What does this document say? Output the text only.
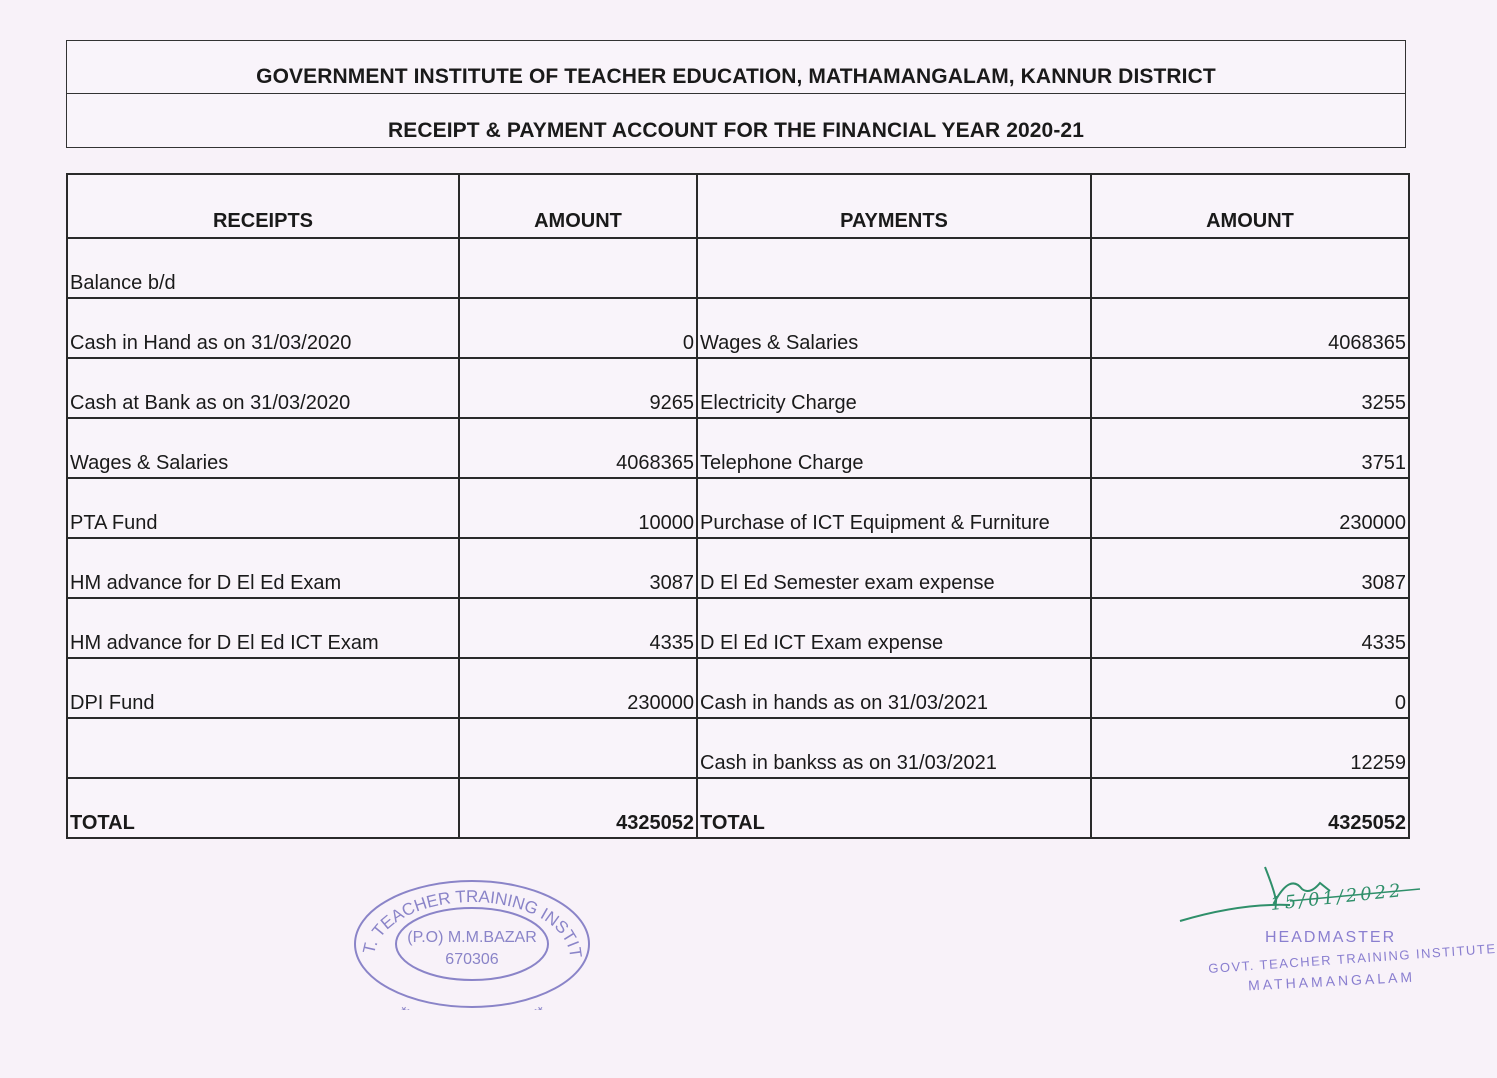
GOVERNMENT INSTITUTE OF TEACHER EDUCATION, MATHAMANGALAM, KANNUR DISTRICT
RECEIPT & PAYMENT ACCOUNT FOR THE FINANCIAL YEAR 2020-21
RECEIPTS	AMOUNT	PAYMENTS	AMOUNT
Balance b/d			
Cash in Hand as on 31/03/2020	0	Wages & Salaries	4068365
Cash at Bank as on 31/03/2020	9265	Electricity Charge	3255
Wages & Salaries	4068365	Telephone Charge	3751
PTA Fund	10000	Purchase of ICT Equipment & Furniture	230000
HM advance for D El Ed Exam	3087	D El Ed Semester exam expense	3087
HM advance for D El Ed ICT Exam	4335	D El Ed ICT Exam expense	4335
DPI Fund	230000	Cash in hands as on 31/03/2021	0
		Cash in bankss as on 31/03/2021	12259
TOTAL	4325052	TOTAL	4325052
T. TEACHER TRAINING INSTIT
(P.O) M.M.BAZAR
670306
15/01/2022
HEADMASTER
GOVT. TEACHER TRAINING INSTITUTE
MATHAMANGALAM
